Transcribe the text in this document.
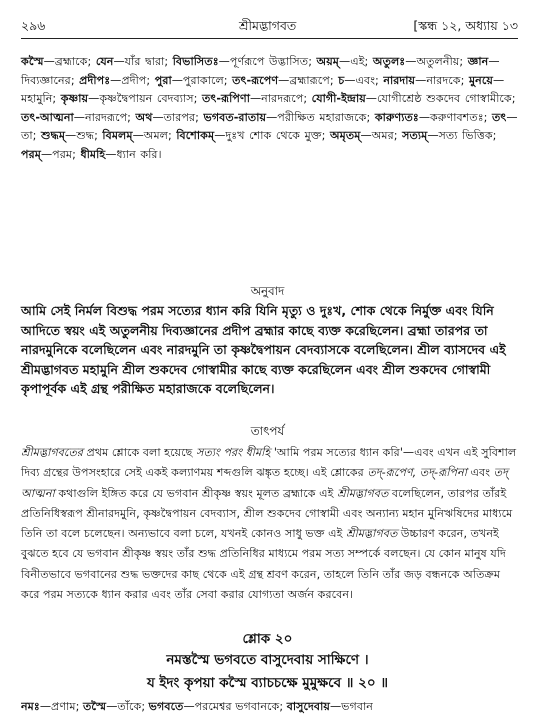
২৯৬	শ্রীমদ্ভাগবত	[স্কন্ধ ১২, অধ্যায় ১৩
কস্মৈ—ব্রহ্মাকে; যেন—যাঁর দ্বারা; বিভাসিতঃ—পূর্ণরূপে উদ্ভাসিত; অয়ম্—এই; অতুলঃ—অতুলনীয়; জ্ঞান—দিব্যজ্ঞানের; প্রদীপঃ—প্রদীপ; পুরা—পুরাকালে; তৎ-রূপেণ—ব্রহ্মারূপে; চ—এবং; নারদায়—নারদকে; মুনয়ে—মহামুনি; কৃষ্ণায়—কৃষ্ণদ্বৈপায়ন বেদব্যাস; তৎ-রূপিণা—নারদরূপে; যোগী-ইন্দ্রায়—যোগীশ্রেষ্ঠ শুকদেব গোস্বামীকে; তৎ-আত্মনা—নারদরূপে; অথ—তারপর; ভগবত-রাতায়—পরীক্ষিত মহারাজকে; কারুণ্যতঃ—করুণাবশতঃ; তৎ—তা; শুদ্ধম্—শুদ্ধ; বিমলম্—অমল; বিশোকম্—দুঃখ শোক থেকে মুক্ত; অমৃতম্—অমর; সত্যম্—সত্য ভিত্তিক; পরম্—পরম; ধীমহি—ধ্যান করি।
অনুবাদ

আমি সেই নির্মল বিশুদ্ধ পরম সত্যের ধ্যান করি যিনি মৃত্যু ও দুঃখ, শোক থেকে নির্মুক্ত এবং যিনি আদিতে স্বয়ং এই অতুলনীয় দিব্যজ্ঞানের প্রদীপ ব্রহ্মার কাছে ব্যক্ত করেছিলেন। ব্রহ্মা তারপর তা নারদমুনিকে বলেছিলেন এবং নারদমুনি তা কৃষ্ণদ্বৈপায়ন বেদব্যাসকে বলেছিলেন। শ্রীল ব্যাসদেব এই শ্রীমদ্ভাগবত মহামুনি শ্রীল শুকদেব গোস্বামীর কাছে ব্যক্ত করেছিলেন এবং শ্রীল শুকদেব গোস্বামী কৃপাপূর্বক এই গ্রন্থ পরীক্ষিত মহারাজকে বলেছিলেন।

তাৎপর্য

শ্রীমদ্ভাগবতের প্রথম শ্লোকে বলা হয়েছে সত্যং পরং ধীমহি 'আমি পরম সত্যের ধ্যান করি'—এবং এখন এই সুবিশাল দিব্য গ্রন্থের উপসংহারে সেই একই কল্যাণময় শব্দগুলি ঝঙ্কৃত হচ্ছে। এই শ্লোকের তদ্-রূপেণ, তদ্-রূপিনা এবং তদ্ আত্মনা কথাগুলি ইঙ্গিত করে যে ভগবান শ্রীকৃষ্ণ স্বয়ং মূলত ব্রহ্মাকে এই শ্রীমদ্ভাগবত বলেছিলেন, তারপর তাঁরই প্রতিনিধিস্বরূপ শ্রীনারদমুনি, কৃষ্ণদ্বৈপায়ন বেদব্যাস, শ্রীল শুকদেব গোস্বামী এবং অন্যান্য মহান মুনিঋষিদের মাধ্যমে তিনি তা বলে চলেছেন। অন্যভাবে বলা চলে, যখনই কোনও সাধু ভক্ত এই শ্রীমদ্ভাগবত উচ্চারণ করেন, তখনই বুঝতে হবে যে ভগবান শ্রীকৃষ্ণ স্বয়ং তাঁর শুদ্ধ প্রতিনিধির মাধ্যমে পরম সত্য সম্পর্কে বলছেন। যে কোন মানুষ যদি বিনীতভাবে ভগবানের শুদ্ধ ভক্তদের কাছ থেকে এই গ্রন্থ শ্রবণ করেন, তাহলে তিনি তাঁর জড় বন্ধনকে অতিক্রম করে পরম সত্যকে ধ্যান করার এবং তাঁর সেবা করার যোগ্যতা অর্জন করবেন।

শ্লোক ২০
নমস্তস্মৈ ভগবতে বাসুদেবায় সাক্ষিণে ।
য ইদং কৃপয়া কস্মৈ ব্যাচচক্ষে মুমুক্ষবে ॥ ২০ ॥
নমঃ—প্রণাম; তস্মৈ—তাঁকে; ভগবতে—পরমেশ্বর ভগবানকে; বাসুদেবায়—ভগবান
